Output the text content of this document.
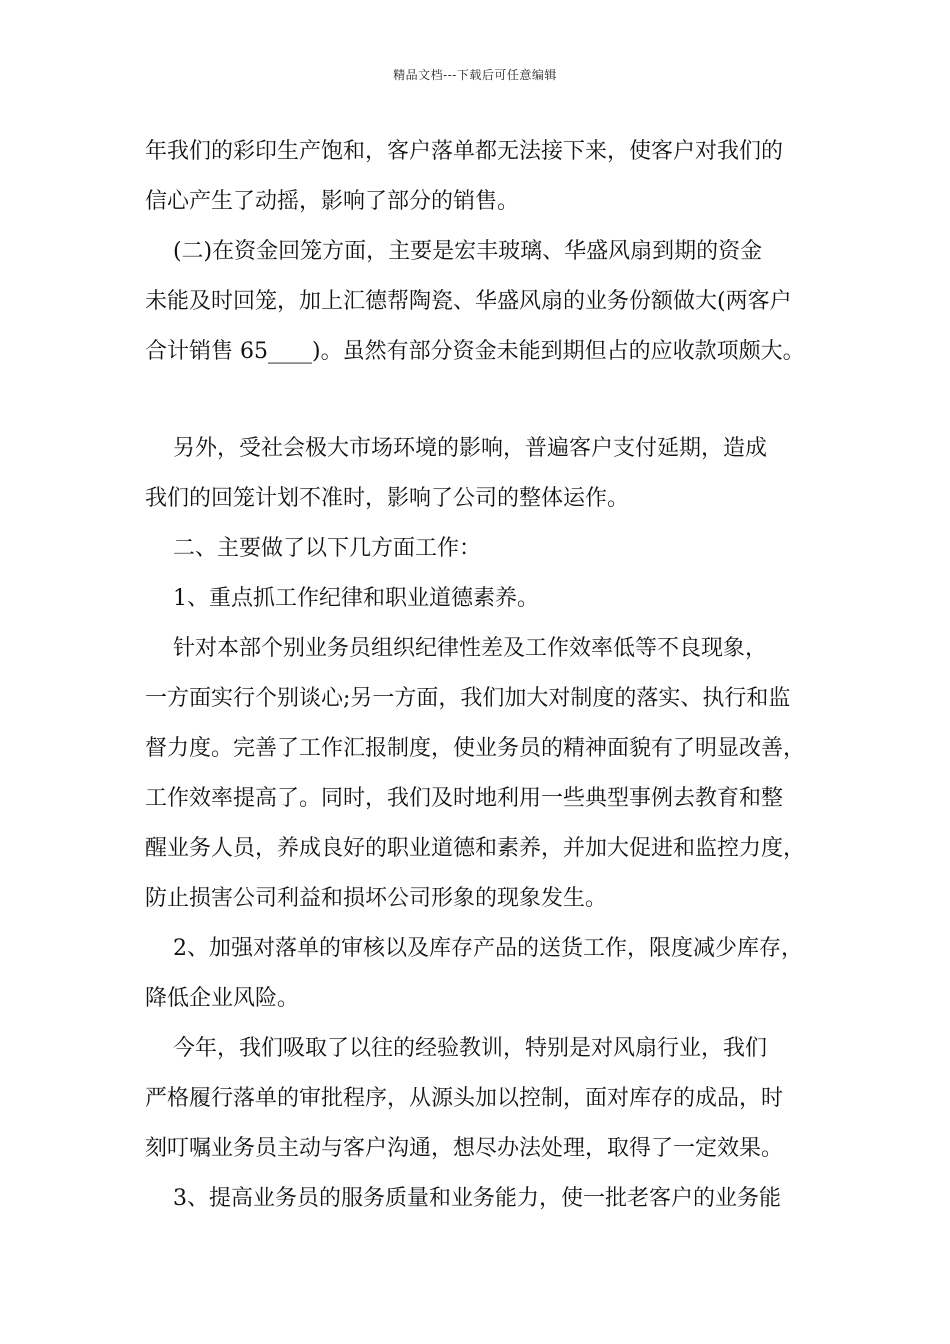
精品文档---下载后可任意编辑
年我们的彩印生产饱和，客户落单都无法接下来，使客户对我们的
信心产生了动摇，影响了部分的销售。
(二)在资金回笼方面，主要是宏丰玻璃、华盛风扇到期的资金
未能及时回笼，加上汇德帮陶瓷、华盛风扇的业务份额做大(两客户
合计销售 65____)。虽然有部分资金未能到期但占的应收款项颇大。
另外，受社会极大市场环境的影响，普遍客户支付延期，造成
我们的回笼计划不准时，影响了公司的整体运作。
二、主要做了以下几方面工作：
1、重点抓工作纪律和职业道德素养。
针对本部个别业务员组织纪律性差及工作效率低等不良现象，
一方面实行个别谈心;另一方面，我们加大对制度的落实、执行和监
督力度。完善了工作汇报制度，使业务员的精神面貌有了明显改善，
工作效率提高了。同时，我们及时地利用一些典型事例去教育和整
醒业务人员，养成良好的职业道德和素养，并加大促进和监控力度，
防止损害公司利益和损坏公司形象的现象发生。
2、加强对落单的审核以及库存产品的送货工作，限度减少库存，
降低企业风险。
今年，我们吸取了以往的经验教训，特别是对风扇行业，我们
严格履行落单的审批程序，从源头加以控制，面对库存的成品，时
刻叮嘱业务员主动与客户沟通，想尽办法处理，取得了一定效果。
3、提高业务员的服务质量和业务能力，使一批老客户的业务能
